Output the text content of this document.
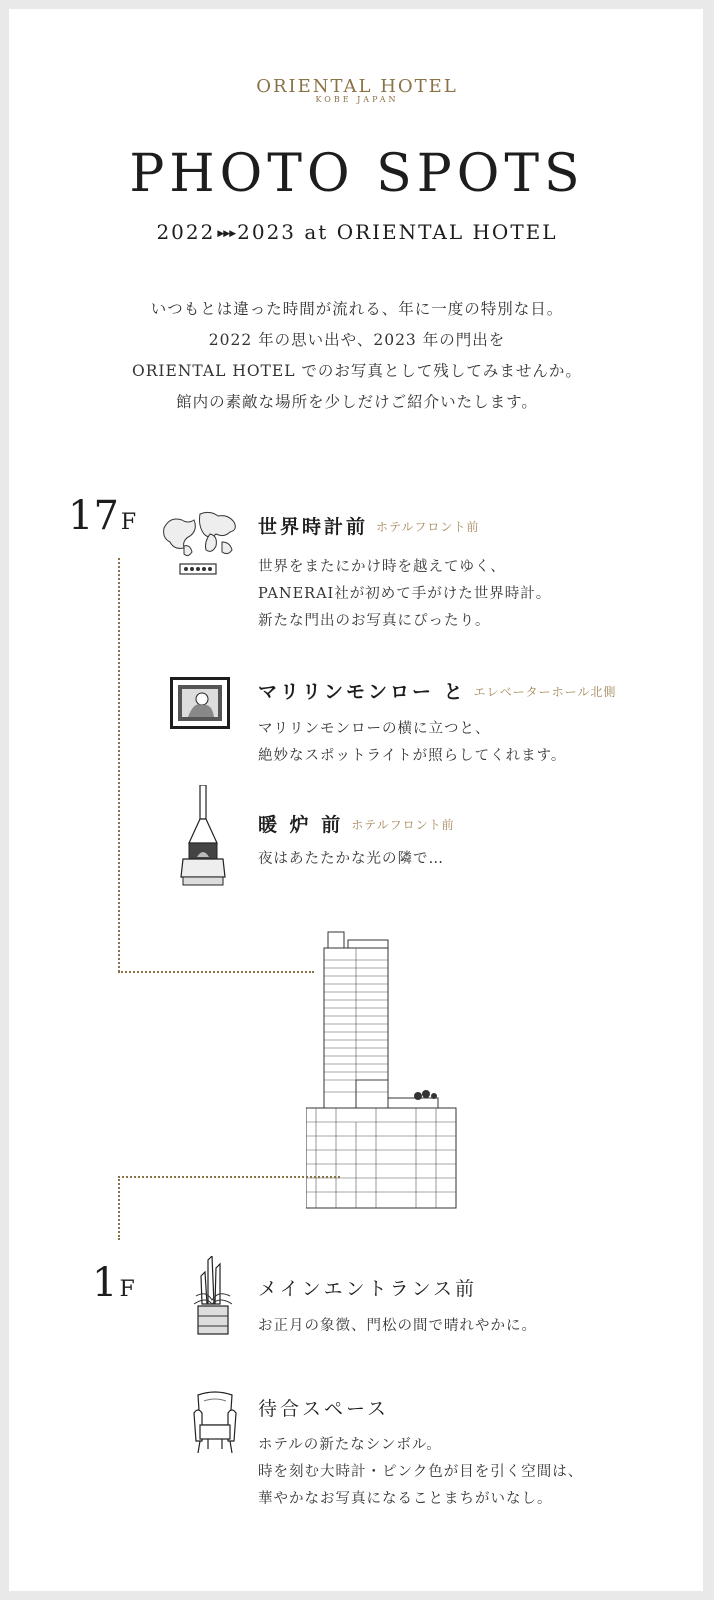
ORIENTAL HOTEL
KOBE JAPAN
PHOTO SPOTS
2022 ▶▶▶ 2023 at ORIENTAL HOTEL

いつもとは違った時間が流れる、年に一度の特別な日。

2022 年の思い出や、2023 年の門出を

ORIENTAL HOTEL でのお写真として残してみませんか。

館内の素敵な場所を少しだけご紹介いたします。

17F	世界時計前 ホテルフロント前

世界をまたにかけ時を越えてゆく、

PANERAI社が初めて手がけた世界時計。

新たな門出のお写真にぴったり。

マリリンモンロー と エレベーターホール北側

マリリンモンローの横に立つと、

絶妙なスポットライトが照らしてくれます。

暖 炉 前 ホテルフロント前

夜はあたたかな光の隣で…

1F	メインエントランス前

お正月の象徴、門松の間で晴れやかに。

待合スペース

ホテルの新たなシンボル。

時を刻む大時計・ピンク色が目を引く空間は、

華やかなお写真になることまちがいなし。
